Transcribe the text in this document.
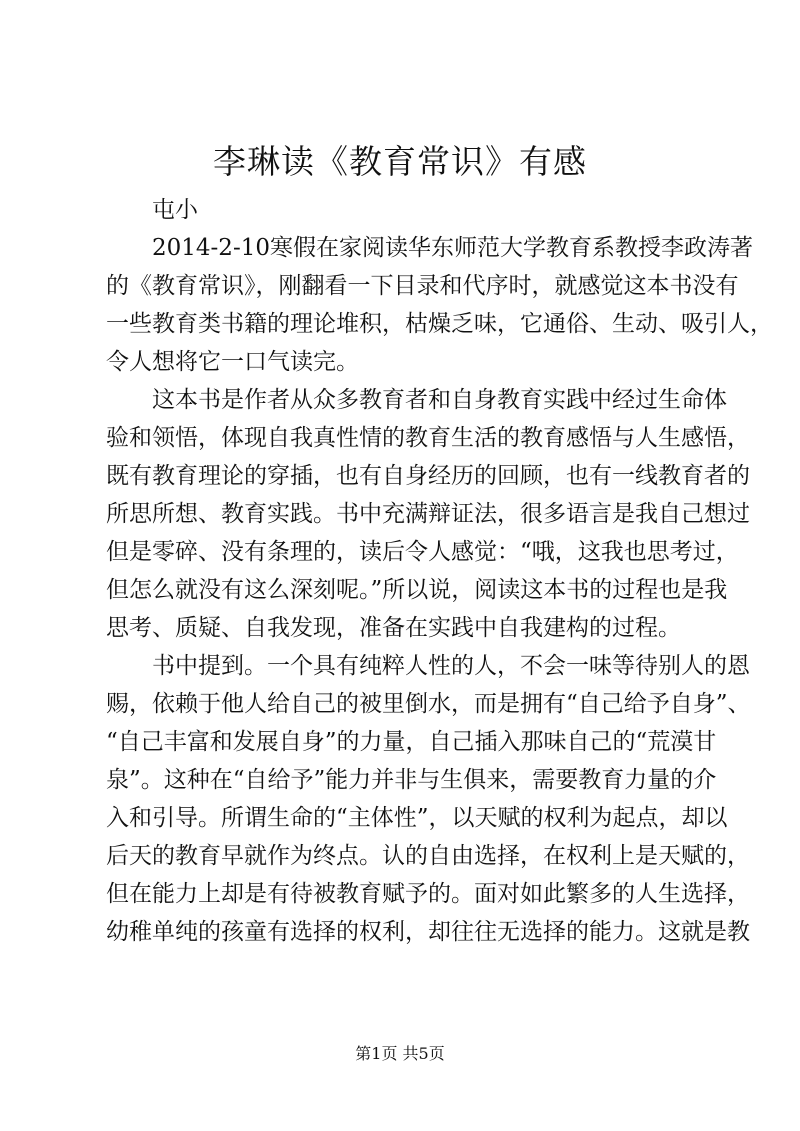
李琳读《教育常识》有感
屯小
2014-2-10寒假在家阅读华东师范大学教育系教授李政涛著
的《教育常识》，刚翻看一下目录和代序时，就感觉这本书没有
一些教育类书籍的理论堆积，枯燥乏味，它通俗、生动、吸引人，
令人想将它一口气读完。
这本书是作者从众多教育者和自身教育实践中经过生命体
验和领悟，体现自我真性情的教育生活的教育感悟与人生感悟，
既有教育理论的穿插，也有自身经历的回顾，也有一线教育者的
所思所想、教育实践。书中充满辩证法，很多语言是我自己想过
但是零碎、没有条理的，读后令人感觉：“哦，这我也思考过，
但怎么就没有这么深刻呢。”所以说，阅读这本书的过程也是我
思考、质疑、自我发现，准备在实践中自我建构的过程。
书中提到。一个具有纯粹人性的人，不会一味等待别人的恩
赐，依赖于他人给自己的被里倒水，而是拥有“自己给予自身”、
“自己丰富和发展自身”的力量，自己插入那味自己的“荒漠甘
泉”。这种在“自给予”能力并非与生俱来，需要教育力量的介
入和引导。所谓生命的“主体性”，以天赋的权利为起点，却以
后天的教育早就作为终点。认的自由选择，在权利上是天赋的，
但在能力上却是有待被教育赋予的。面对如此繁多的人生选择，
幼稚单纯的孩童有选择的权利，却往往无选择的能力。这就是教
第1页 共5页
